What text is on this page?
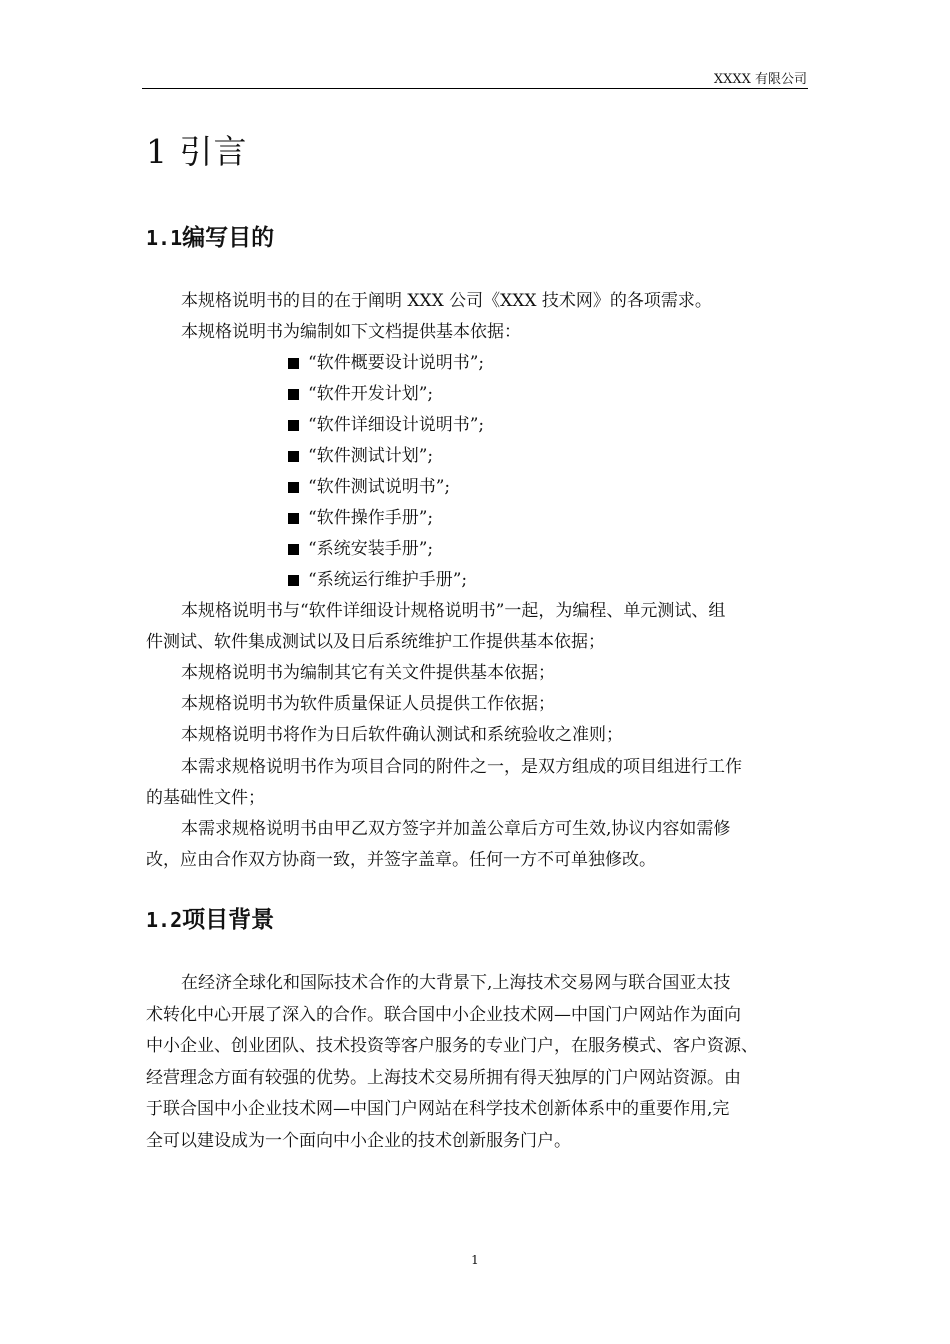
XXXX 有限公司
1 引言
1.1编写目的

本规格说明书的目的在于阐明 XXX 公司《XXX 技术网》的各项需求。

本规格说明书为编制如下文档提供基本依据：

“软件概要设计说明书”;
“软件开发计划”;
“软件详细设计说明书”;
“软件测试计划”;
“软件测试说明书”;
“软件操作手册”;
“系统安装手册”;
“系统运行维护手册”;

本规格说明书与“软件详细设计规格说明书”一起，为编程、单元测试、组

件测试、软件集成测试以及日后系统维护工作提供基本依据；

本规格说明书为编制其它有关文件提供基本依据；

本规格说明书为软件质量保证人员提供工作依据；

本规格说明书将作为日后软件确认测试和系统验收之准则；

本需求规格说明书作为项目合同的附件之一，是双方组成的项目组进行工作

的基础性文件；

本需求规格说明书由甲乙双方签字并加盖公章后方可生效,协议内容如需修

改，应由合作双方协商一致，并签字盖章。任何一方不可单独修改。

1.2项目背景

在经济全球化和国际技术合作的大背景下,上海技术交易网与联合国亚太技

术转化中心开展了深入的合作。联合国中小企业技术网—中国门户网站作为面向

中小企业、创业团队、技术投资等客户服务的专业门户，在服务模式、客户资源、

经营理念方面有较强的优势。上海技术交易所拥有得天独厚的门户网站资源。由

于联合国中小企业技术网—中国门户网站在科学技术创新体系中的重要作用,完

全可以建设成为一个面向中小企业的技术创新服务门户。

1
